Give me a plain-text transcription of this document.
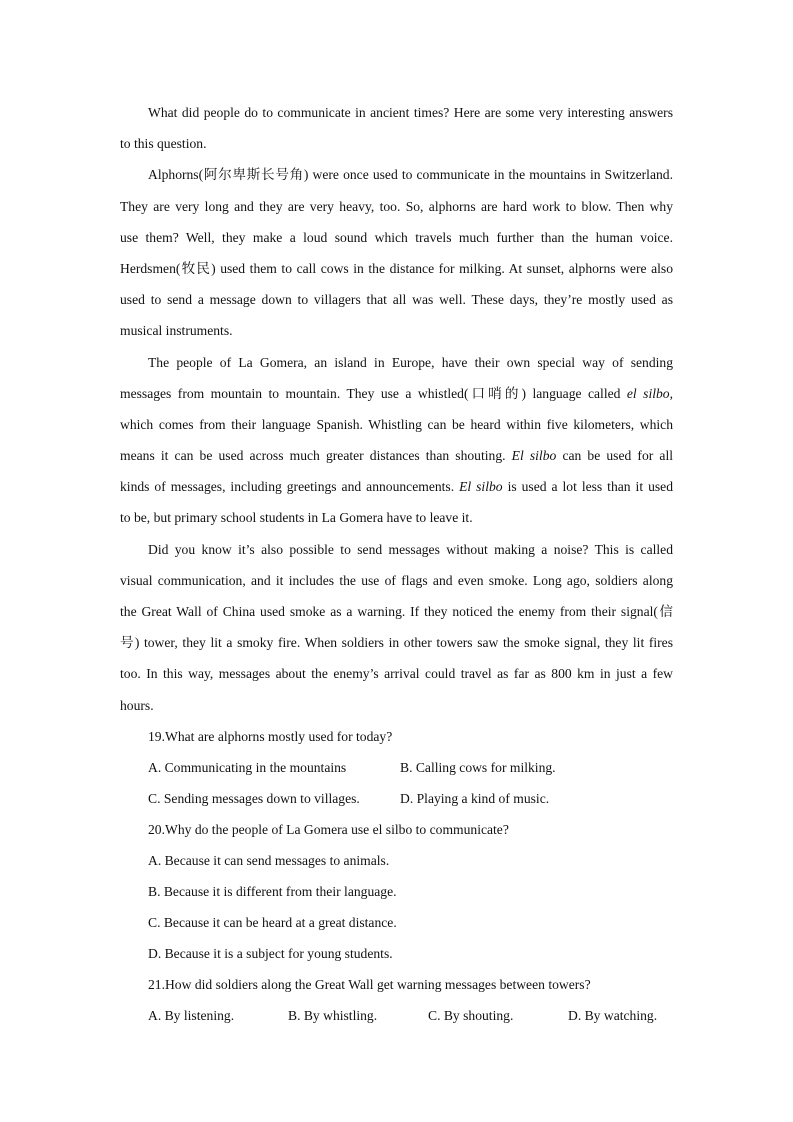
What did people do to communicate in ancient times? Here are some very interesting answers
to this question.
Alphorns(阿尔卑斯长号角) were once used to communicate in the mountains in Switzerland.
They are very long and they are very heavy, too. So, alphorns are hard work to blow. Then why
use them? Well, they make a loud sound which travels much further than the human voice.
Herdsmen(牧民) used them to call cows in the distance for milking. At sunset, alphorns were also
used to send a message down to villagers that all was well. These days, they’re mostly used as
musical instruments.
The people of La Gomera, an island in Europe, have their own special way of sending
messages from mountain to mountain. They use a whistled(口哨的) language called el silbo,
which comes from their language Spanish. Whistling can be heard within five kilometers, which
means it can be used across much greater distances than shouting. El silbo can be used for all
kinds of messages, including greetings and announcements. El silbo is used a lot less than it used
to be, but primary school students in La Gomera have to leave it.
Did you know it’s also possible to send messages without making a noise? This is called
visual communication, and it includes the use of flags and even smoke. Long ago, soldiers along
the Great Wall of China used smoke as a warning. If they noticed the enemy from their signal(信
号) tower, they lit a smoky fire. When soldiers in other towers saw the smoke signal, they lit fires
too. In this way, messages about the enemy’s arrival could travel as far as 800 km in just a few
hours.
19.What are alphorns mostly used for today?
A. Communicating in the mountains	B. Calling cows for milking.
C. Sending messages down to villages.	D. Playing a kind of music.
20.Why do the people of La Gomera use el silbo to communicate?
A. Because it can send messages to animals.
B. Because it is different from their language.
C. Because it can be heard at a great distance.
D. Because it is a subject for young students.
21.How did soldiers along the Great Wall get warning messages between towers?
A. By listening.	B. By whistling.	C. By shouting.	D. By watching.
